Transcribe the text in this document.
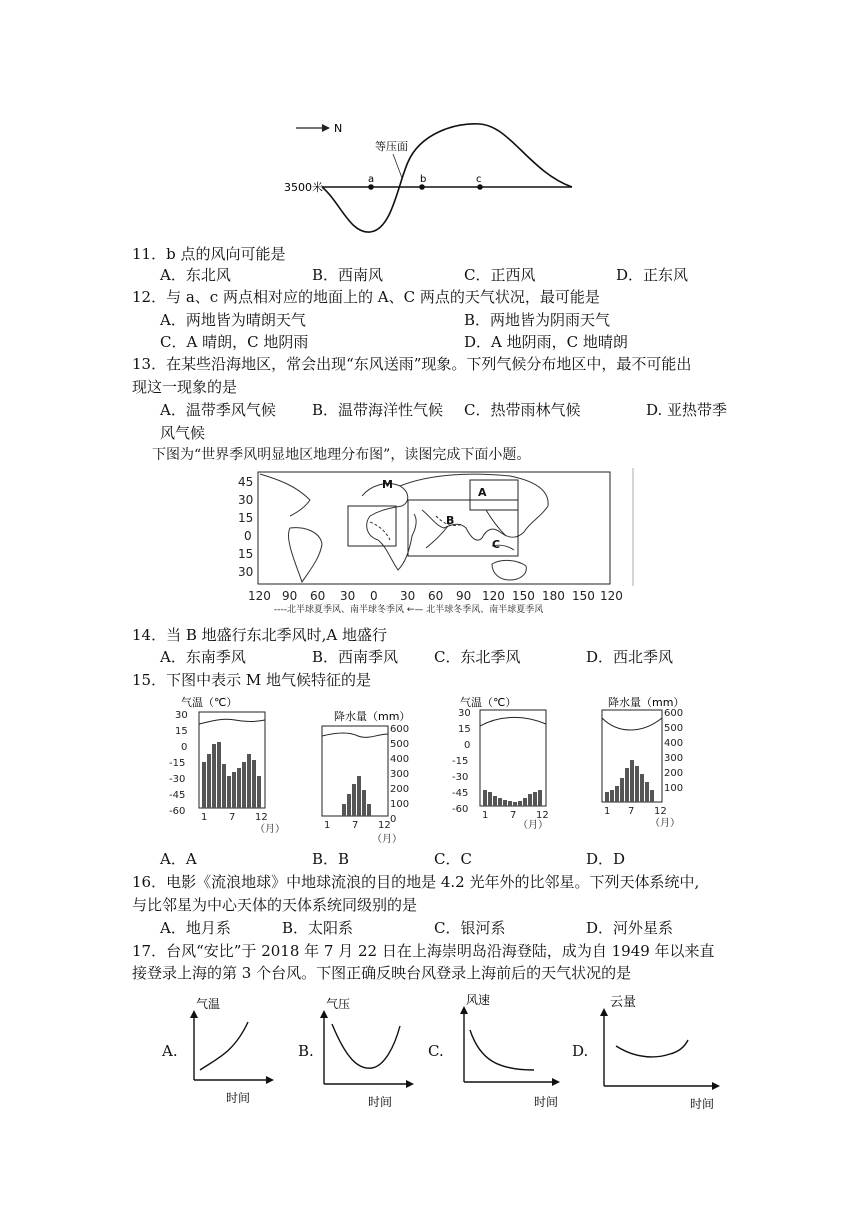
N
等压面
3500米
a	b	c
11．b 点的风向可能是
A．东北风	B．西南风	C．正西风	D．正东风
12．与 a、c 两点相对应的地面上的 A、C 两点的天气状况，最可能是
A．两地皆为晴朗天气	B．两地皆为阴雨天气
C．A 晴朗，C 地阴雨	D．A 地阴雨，C 地晴朗
13．在某些沿海地区，常会出现“东风送雨”现象。下列气候分布地区中，最不可能出
现这一现象的是
A．温带季风气候 B．温带海洋性气候 C．热带雨林气候	D. 亚热带季
风气候
下图为“世界季风明显地区地理分布图”，读图完成下面小题。
45
30
15
0
15
30
120 90 60 30 0 30 60 90 120 150 180 150 120
M
A
B
C
----北半球夏季风、南半球冬季风 ←— 北半球冬季风、南半球夏季风
14．当 B 地盛行东北季风时,A 地盛行
A．东南季风	B．西南季风 C．东北季风	D．西北季风
15．下图中表示 M 地气候特征的是
气温（℃）
30
15
0
-15
-30
-45
-60
1 7 12
（月）
降水量（mm）
600
500
400
300
200
100
0
1 7 12
（月）
气温（℃）
30
15
0
-15
-30
-45
-60
1 7 12
（月）
降水量（mm）
600
500
400
300
200
100
1 7 12
（月）
A．A	B．B	C．C	D．D
16．电影《流浪地球》中地球流浪的目的地是 4.2 光年外的比邻星。下列天体系统中,
与比邻星为中心天体的天体系统同级别的是
A．地月系	B．太阳系	C．银河系	D．河外星系
17．台风“安比”于 2018 年 7 月 22 日在上海崇明岛沿海登陆，成为自 1949 年以来直
接登录上海的第 3 个台风。下图正确反映台风登录上海前后的天气状况的是
A.
气温
时间
B.
气压
时间
C.
风速
时间
D.
云量
时间
